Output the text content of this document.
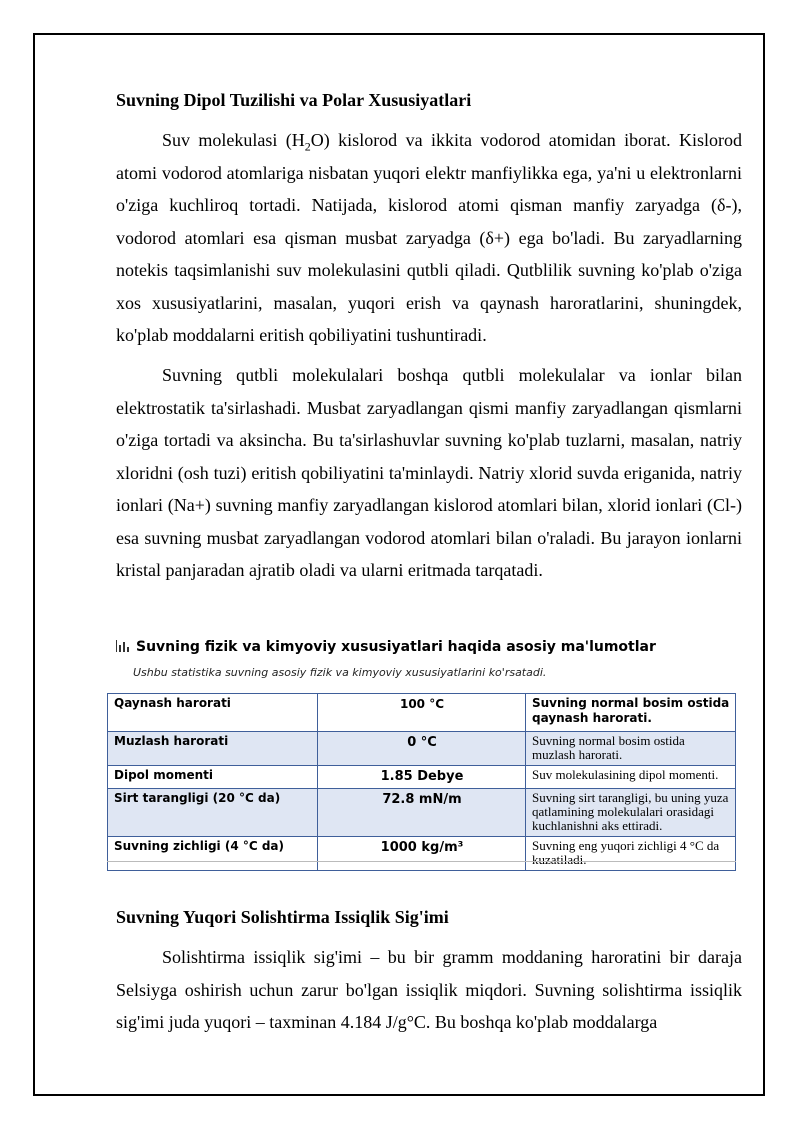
Suvning Dipol Tuzilishi va Polar Xususiyatlari

Suv molekulasi $(H_2O)$ kislorod va ikkita vodorod atomidan iborat. Kislorod atomi vodorod atomlariga nisbatan yuqori elektr manfiylikka ega, ya'ni u elektronlarni o'ziga kuchliroq tortadi. Natijada, kislorod atomi qisman manfiy zaryadga (δ-), vodorod atomlari esa qisman musbat zaryadga (δ+) ega bo'ladi. Bu zaryadlarning notekis taqsimlanishi suv molekulasini qutbli qiladi. Qutblilik suvning ko'plab o'ziga xos xususiyatlarini, masalan, yuqori erish va qaynash haroratlarini, shuningdek, ko'plab moddalarni eritish qobiliyatini tushuntiradi.

Suvning qutbli molekulalari boshqa qutbli molekulalar va ionlar bilan elektrostatik ta'sirlashadi. Musbat zaryadlangan qismi manfiy zaryadlangan qismlarni o'ziga tortadi va aksincha. Bu ta'sirlashuvlar suvning ko'plab tuzlarni, masalan, natriy xloridni (osh tuzi) eritish qobiliyatini ta'minlaydi. Natriy xlorid suvda eriganida, natriy ionlari (Na+) suvning manfiy zaryadlangan kislorod atomlari bilan, xlorid ionlari (Cl-) esa suvning musbat zaryadlangan vodorod atomlari bilan o'raladi. Bu jarayon ionlarni kristal panjaradan ajratib oladi va ularni eritmada tarqatadi.

Suvning fizik va kimyoviy xususiyatlari haqida asosiy ma'lumotlar
Ushbu statistika suvning asosiy fizik va kimyoviy xususiyatlarini ko'rsatadi.
Qaynash harorati	100 °C	Suvning normal bosim ostida qaynash harorati.
Muzlash harorati	0 °C	Suvning normal bosim ostida muzlash harorati.
Dipol momenti	1.85 Debye	Suv molekulasining dipol momenti.
Sirt tarangligi (20 °C da)	72.8 mN/m	Suvning sirt tarangligi, bu uning yuza qatlamining molekulalari orasidagi kuchlanishni aks ettiradi.
Suvning zichligi (4 °C da)	1000 kg/m³	Suvning eng yuqori zichligi 4 °C da kuzatiladi.
Suvning Yuqori Solishtirma Issiqlik Sig'imi

Solishtirma issiqlik sig'imi – bu bir gramm moddaning haroratini bir daraja Selsiyga oshirish uchun zarur bo'lgan issiqlik miqdori. Suvning solishtirma issiqlik sig'imi juda yuqori – taxminan 4.184 J/g°C. Bu boshqa ko'plab moddalarga
